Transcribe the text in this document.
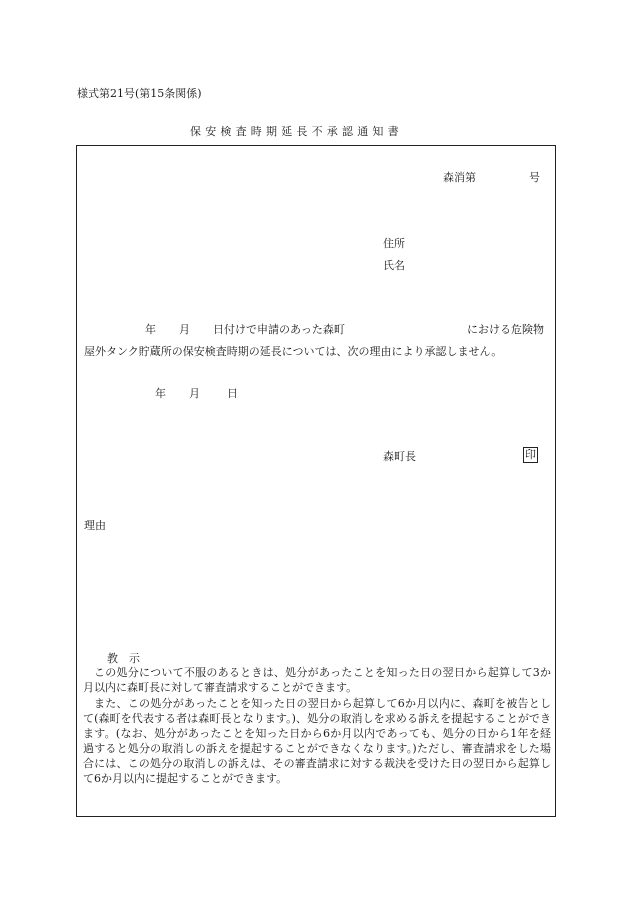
様式第21号(第15条関係)
保安検査時期延長不承認通知書
森消第	号
住所
氏名
年 月 日付けで申請のあった森町	における危険物
屋外タンク貯蔵所の保安検査時期の延長については、次の理由により承認しません。
年 月 日
森町長	印
理由
教　示
この処分について不服のあるときは、処分があったことを知った日の翌日から起算して3か月以内に森町長に対して審査請求することができます。
また、この処分があったことを知った日の翌日から起算して6か月以内に、森町を被告として(森町を代表する者は森町長となります。)、処分の取消しを求める訴えを提起することができます。(なお、処分があったことを知った日から6か月以内であっても、処分の日から1年を経過すると処分の取消しの訴えを提起することができなくなります。)ただし、審査請求をした場合には、この処分の取消しの訴えは、その審査請求に対する裁決を受けた日の翌日から起算して6か月以内に提起することができます。
